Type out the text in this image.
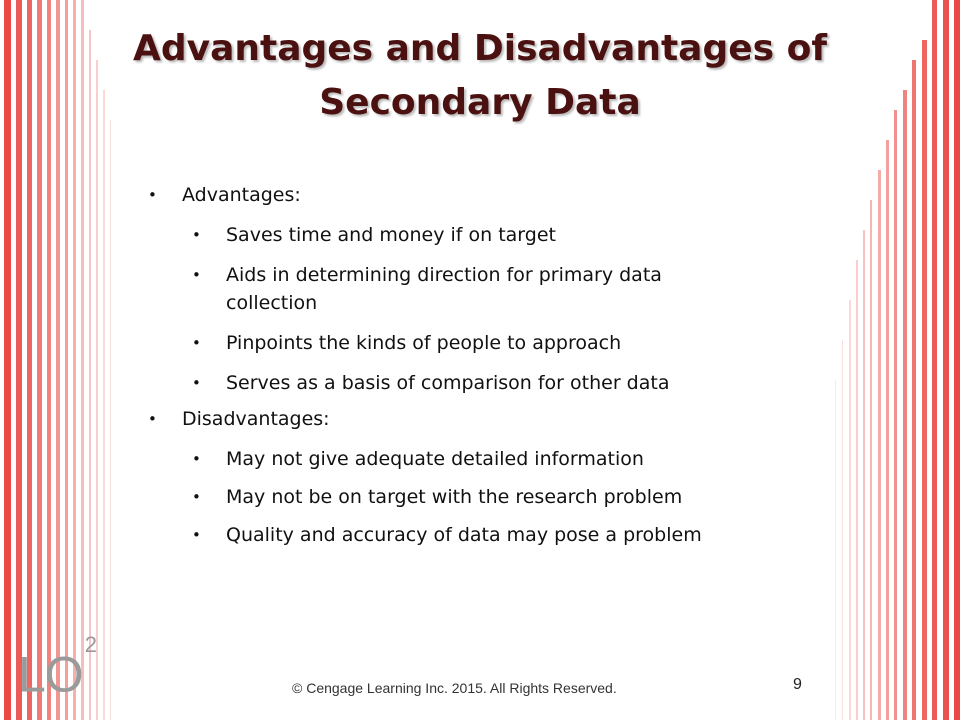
Advantages and Disadvantages of
Secondary Data
• Advantages:
• Saves time and money if on target
• Aids in determining direction for primary data
collection
• Pinpoints the kinds of people to approach
• Serves as a basis of comparison for other data
• Disadvantages:
• May not give adequate detailed information
• May not be on target with the research problem
• Quality and accuracy of data may pose a problem
$LO^2$
© Cengage Learning Inc. 2015. All Rights Reserved.	9
